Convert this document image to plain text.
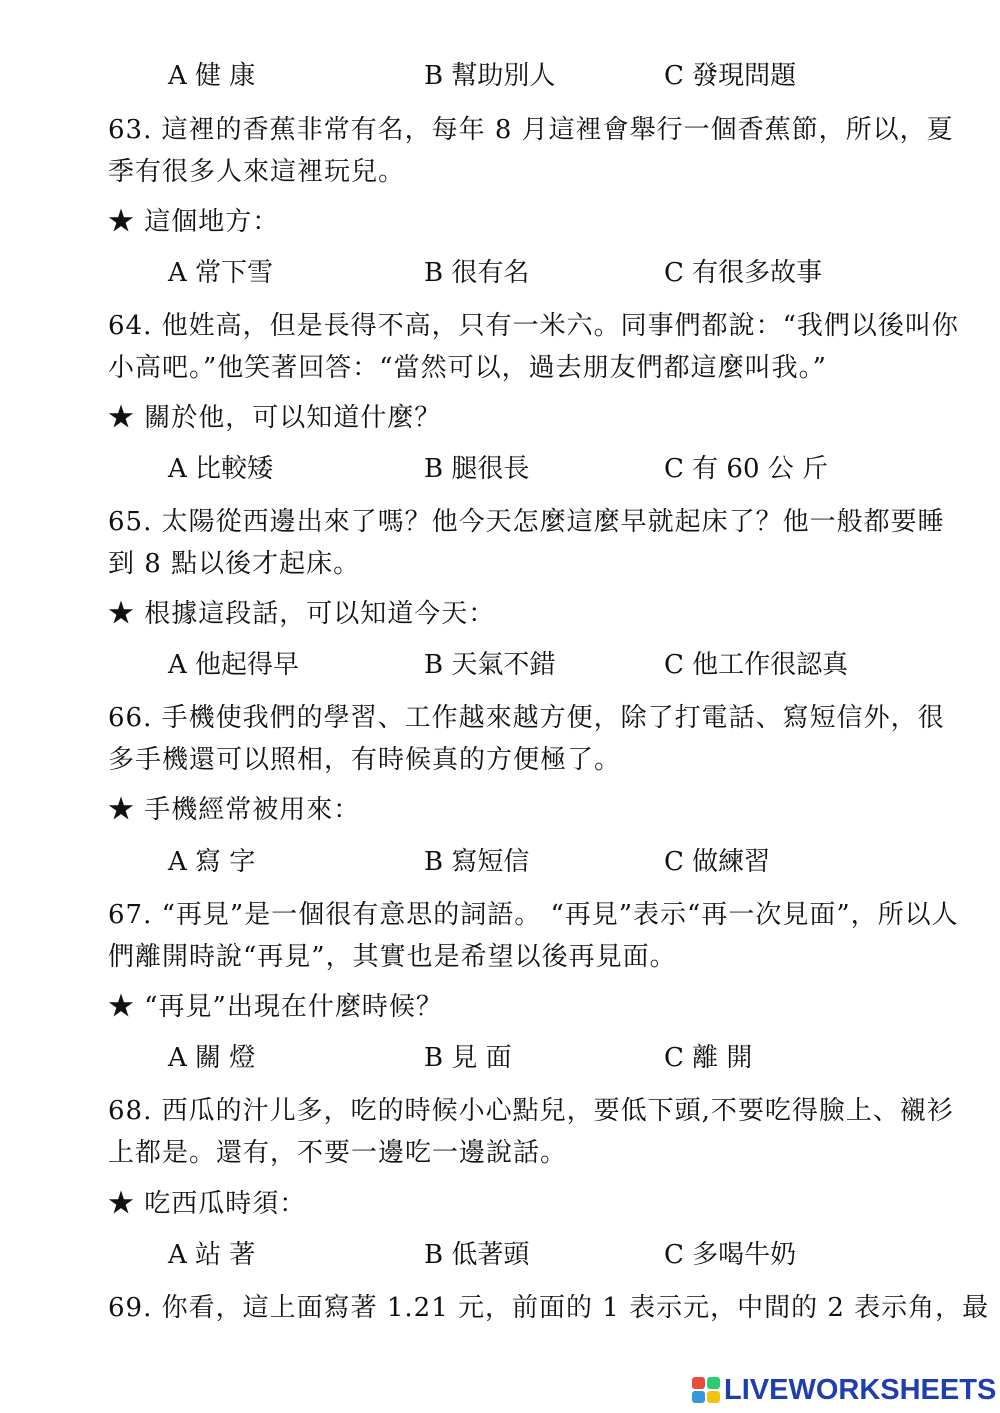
A 健 康	B 幫助別人	C 發現問題
63. 這裡的香蕉非常有名，每年 8 月這裡會舉行一個香蕉節，所以，夏
季有很多人來這裡玩兒。
★ 這個地方：
A 常下雪	B 很有名	C 有很多故事
64. 他姓高，但是長得不高，只有一米六。同事們都說：“我們以後叫你
小高吧。”他笑著回答：“當然可以，過去朋友們都這麼叫我。”
★ 關於他，可以知道什麼？
A 比較矮	B 腿很長	C 有 60 公 斤
65. 太陽從西邊出來了嗎？他今天怎麼這麼早就起床了？他一般都要睡
到 8 點以後才起床。
★ 根據這段話，可以知道今天：
A 他起得早	B 天氣不錯	C 他工作很認真
66. 手機使我們的學習、工作越來越方便，除了打電話、寫短信外，很
多手機還可以照相，有時候真的方便極了。
★ 手機經常被用來：
A 寫 字	B 寫短信	C 做練習
67. “再見”是一個很有意思的詞語。 “再見”表示“再一次見面”，所以人
們離開時說“再見”，其實也是希望以後再見面。
★ “再見”出現在什麼時候？
A 關 燈	B 見 面	C 離 開
68. 西瓜的汁儿多，吃的時候小心點兒，要低下頭,不要吃得臉上、襯衫
上都是。還有，不要一邊吃一邊說話。
★ 吃西瓜時須：
A 站 著	B 低著頭	C 多喝牛奶
69. 你看，這上面寫著 1.21 元，前面的 1 表示元，中間的 2 表示角，最
LIVEWORKSHEETS
